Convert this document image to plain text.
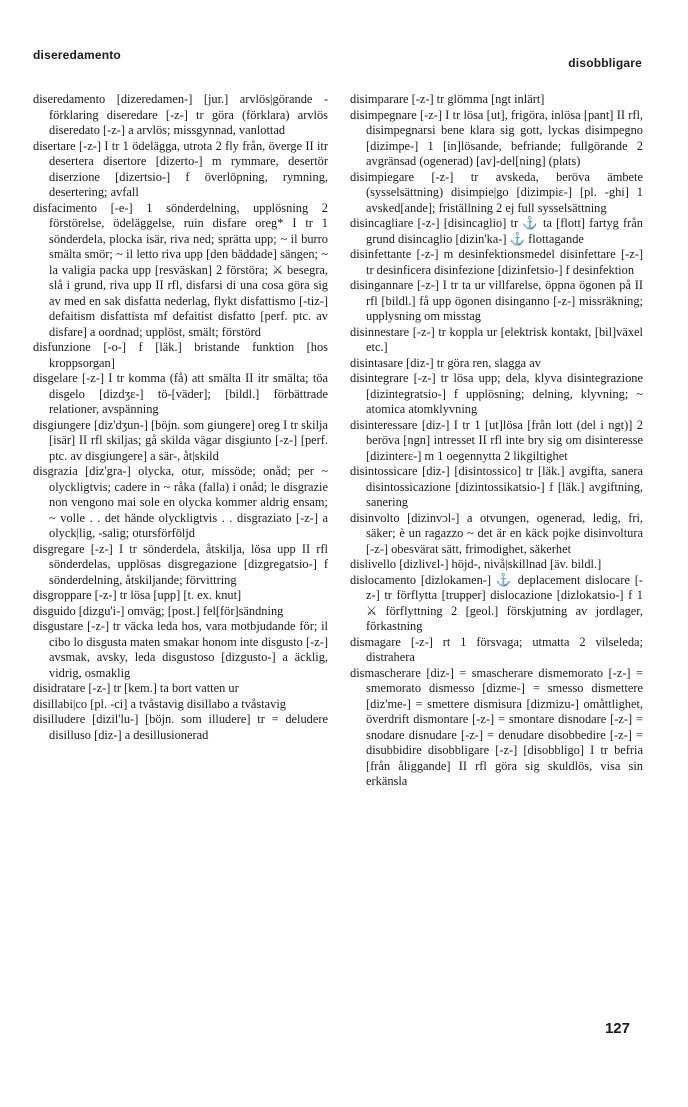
diseredamento
disobbligare

diseredamento [dizeredamen-] [jur.] arvlös|görande -förklaring diseredare [-z-] tr göra (förklara) arvlös diseredato [-z-] a arvlös; missgynnad, vanlottad

disertare [-z-] I tr 1 ödelägga, utrota 2 fly från, överge II itr desertera disertore [dizerto-] m rymmare, desertör diserzione [dizertsio-] f överlöpning, rymning, desertering; avfall

disfacimento [-e-] 1 sönderdelning, upplösning 2 förstörelse, ödeläggelse, ruin disfare oreg* I tr 1 sönderdela, plocka isär, riva ned; sprätta upp; ~ il burro smälta smör; ~ il letto riva upp [den bäddade] sängen; ~ la valigia packa upp [resväskan] 2 förstöra; ⚔ besegra, slå i grund, riva upp II rfl, disfarsi di una cosa göra sig av med en sak disfatta nederlag, flykt disfattismo [-tiz-] defaitism disfattista mf defaitist disfatto [perf. ptc. av disfare] a oordnad; upplöst, smält; förstörd

disfunzione [-o-] f [läk.] bristande funktion [hos kroppsorgan]

disgelare [-z-] I tr komma (få) att smälta II itr smälta; töa disgelo [dizdʒε-] tö-[väder]; [bildl.] förbättrade relationer, avspänning

disgiungere [diz'dʒun-] [böjn. som giungere] oreg I tr skilja [isär] II rfl skiljas; gå skilda vägar disgiunto [-z-] [perf. ptc. av disgiungere] a sär-, åt|skild

disgrazia [diz'gra-] olycka, otur, missöde; onåd; per ~ olyckligtvis; cadere in ~ råka (falla) i onåd; le disgrazie non vengono mai sole en olycka kommer aldrig ensam; ~ volle . . det hände olyckligtvis . . disgraziato [-z-] a olyck|lig, -salig; otursförföljd

disgregare [-z-] I tr sönderdela, åtskilja, lösa upp II rfl sönderdelas, upplösas disgregazione [dizgregatsio-] f sönderdelning, åtskiljande; förvittring

disgroppare [-z-] tr lösa [upp] [t. ex. knut]

disguido [dizgu'i-] omväg; [post.] fel[för]sändning

disgustare [-z-] tr väcka leda hos, vara motbjudande för; il cibo lo disgusta maten smakar honom inte disgusto [-z-] avsmak, avsky, leda disgustoso [dizgusto-] a äcklig, vidrig, osmaklig

disidratare [-z-] tr [kem.] ta bort vatten ur

disillabi|co [pl. -ci] a tvåstavig disillabo a tvåstavig

disilludere [dizil'lu-] [böjn. som illudere] tr = deludere disilluso [diz-] a desillusionerad

disimparare [-z-] tr glömma [ngt inlärt]

disimpegnare [-z-] I tr lösa [ut], frigöra, inlösa [pant] II rfl, disimpegnarsi bene klara sig gott, lyckas disimpegno [dizimpe-] 1 [in]lösande, befriande; fullgörande 2 avgränsad (ogenerad) [av]-del[ning] (plats)

disimpiegare [-z-] tr avskeda, beröva ämbete (sysselsättning) disimpie|go [dizimpiε-] [pl. -ghi] 1 avsked[ande]; friställning 2 ej full sysselsättning

disincagliare [-z-] [disincaglio] tr ⚓ ta [flott] fartyg från grund disincaglio [dizin'ka-] ⚓ flottagande

disinfettante [-z-] m desinfektionsmedel disinfettare [-z-] tr desinficera disinfezione [dizinfetsio-] f desinfektion

disingannare [-z-] I tr ta ur villfarelse, öppna ögonen på II rfl [bildl.] få upp ögonen disinganno [-z-] missräkning; upplysning om misstag

disinnestare [-z-] tr koppla ur [elektrisk kontakt, [bil]växel etc.]

disintasare [diz-] tr göra ren, slagga av

disintegrare [-z-] tr lösa upp; dela, klyva disintegrazione [dizintegratsio-] f upplösning; delning, klyvning; ~ atomica atomklyvning

disinteressare [diz-] I tr 1 [ut]lösa [från lott (del i ngt)] 2 beröva [ngn] intresset II rfl inte bry sig om disinteresse [dizinterε-] m 1 oegennytta 2 likgiltighet

disintossicare [diz-] [disintossico] tr [läk.] avgifta, sanera disintossicazione [dizintossikatsio-] f [läk.] avgiftning, sanering

disinvolto [dizinvɔl-] a otvungen, ogenerad, ledig, fri, säker; è un ragazzo ~ det är en käck pojke disinvoltura [-z-] obesvärat sätt, frimodighet, säkerhet

dislivello [dizlivεl-] höjd-, nivå|skillnad [äv. bildl.]

dislocamento [dizlokamen-] ⚓ deplacement dislocare [-z-] tr förflytta [trupper] dislocazione [dizlokatsio-] f 1 ⚔ förflyttning 2 [geol.] förskjutning av jordlager, förkastning

dismagare [-z-] rt 1 försvaga; utmatta 2 vilseleda; distrahera

dismascherare [diz-] = smascherare dismemorato [-z-] = smemorato dismesso [dizme-] = smesso dismettere [diz'me-] = smettere dismisura [dizmizu-] omåttlighet, överdrift dismontare [-z-] = smontare disnodare [-z-] = snodare disnudare [-z-] = denudare disobbedire [-z-] = disubbidire disobbligare [-z-] [disobbligo] I tr befria [från åliggande] II rfl göra sig skuldlös, visa sin erkänsla

127
